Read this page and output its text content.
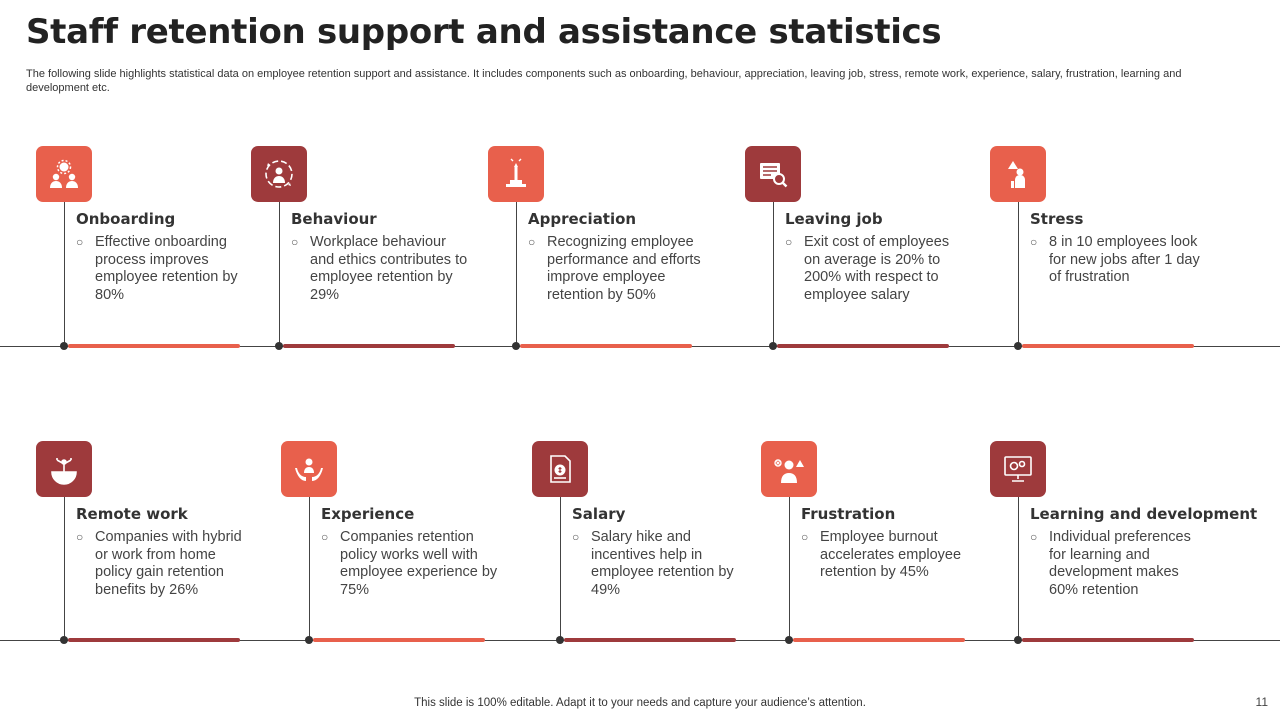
Staff retention support and assistance statistics
The following slide highlights statistical data on employee retention support and assistance. It includes components such as onboarding, behaviour, appreciation, leaving job, stress, remote work, experience, salary, frustration, learning and development etc.
Onboarding
○ Effective onboarding process improves employee retention by 80%
Behaviour
○ Workplace behaviour and ethics contributes to employee retention by 29%
Appreciation
○ Recognizing employee performance and efforts improve employee retention by 50%
Leaving job
○ Exit cost of employees on average is 20% to 200% with respect to employee salary
Stress
○ 8 in 10 employees look for new jobs after 1 day of frustration
Remote work
○ Companies with hybrid or work from home policy gain retention benefits by 26%
Experience
○ Companies retention policy works well with employee experience by 75%
Salary
○ Salary hike and incentives help in employee retention by 49%
Frustration
○ Employee burnout accelerates employee retention by 45%
Learning and development
○ Individual preferences for learning and development makes 60% retention
This slide is 100% editable. Adapt it to your needs and capture your audience’s attention.	11
